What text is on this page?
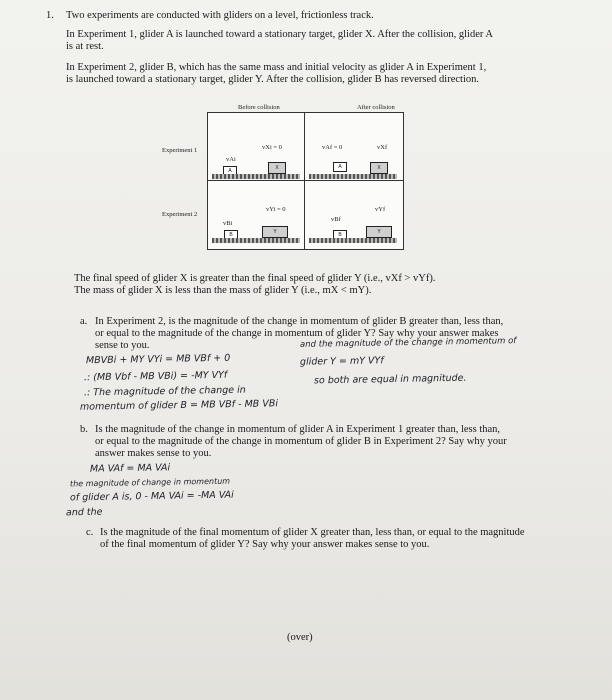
1. Two experiments are conducted with gliders on a level, frictionless track.
In Experiment 1, glider A is launched toward a stationary target, glider X. After the collision, glider A
is at rest.
In Experiment 2, glider B, which has the same mass and initial velocity as glider A in Experiment 1,
is launched toward a stationary target, glider Y. After the collision, glider B has reversed direction.
Before collision	After collision
Experiment 1
Experiment 2
vAi
vXi = 0
A	X
vAf = 0	vXf
A	X
vBi
vYi = 0
B	Y
vBf
vYf
B	Y
The final speed of glider X is greater than the final speed of glider Y (i.e., vXf > vYf).
The mass of glider X is less than the mass of glider Y (i.e., mX < mY).
a. In Experiment 2, is the magnitude of the change in momentum of glider B greater than, less than,
or equal to the magnitude of the change in momentum of glider Y? Say why your answer makes
sense to you.	and the magnitude of the change in momentum of
MBVBi + MY VYi = MB VBf + 0	glider Y = mY VYf
.: (MB Vbf - MB VBi) = -MY VYf	so both are equal in magnitude.
.: The magnitude of the change in
momentum of glider B = MB VBf - MB VBi
b. Is the magnitude of the change in momentum of glider A in Experiment 1 greater than, less than,
or equal to the magnitude of the change in momentum of glider B in Experiment 2? Say why your
answer makes sense to you.
MA VAf = MA VAi
the magnitude of change in momentum
of glider A is, 0 - MA VAi = -MA VAi
and the
c. Is the magnitude of the final momentum of glider X greater than, less than, or equal to the magnitude
of the final momentum of glider Y? Say why your answer makes sense to you.
(over)
